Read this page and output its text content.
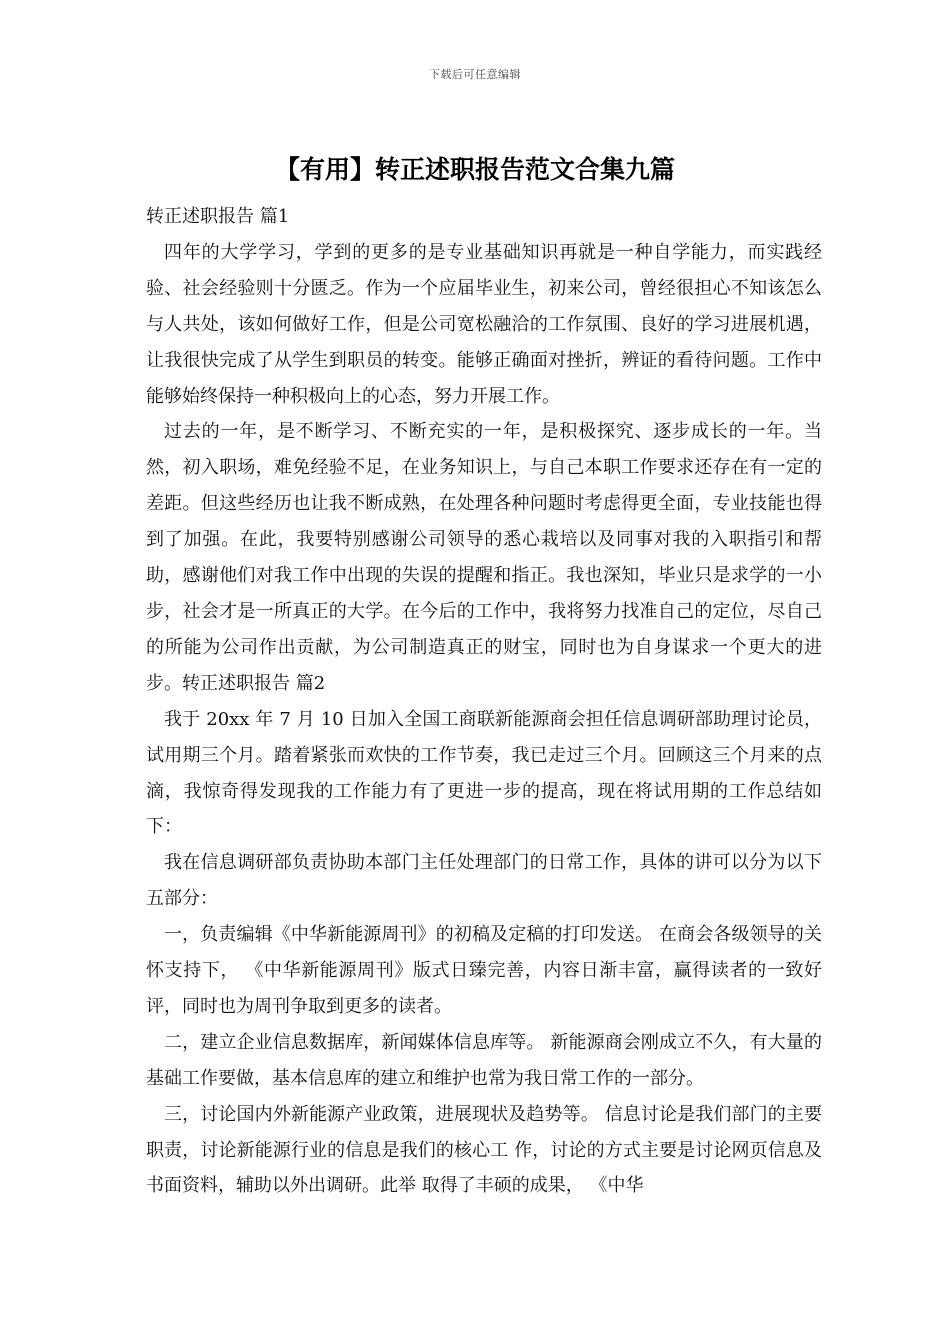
下载后可任意编辑
【有用】转正述职报告范文合集九篇

转正述职报告 篇1

四年的大学学习，学到的更多的是专业基础知识再就是一种自学能力，而实践经验、社会经验则十分匮乏。作为一个应届毕业生，初来公司，曾经很担心不知该怎么与人共处，该如何做好工作，但是公司宽松融洽的工作氛围、良好的学习进展机遇，让我很快完成了从学生到职员的转变。能够正确面对挫折，辨证的看待问题。工作中能够始终保持一种积极向上的心态，努力开展工作。

过去的一年，是不断学习、不断充实的一年，是积极探究、逐步成长的一年。当然，初入职场，难免经验不足，在业务知识上，与自己本职工作要求还存在有一定的差距。但这些经历也让我不断成熟，在处理各种问题时考虑得更全面，专业技能也得到了加强。在此，我要特别感谢公司领导的悉心栽培以及同事对我的入职指引和帮助，感谢他们对我工作中出现的失误的提醒和指正。我也深知，毕业只是求学的一小步，社会才是一所真正的大学。在今后的工作中，我将努力找准自己的定位，尽自己的所能为公司作出贡献，为公司制造真正的财宝，同时也为自身谋求一个更大的进步。转正述职报告 篇2

我于 20xx 年 7 月 10 日加入全国工商联新能源商会担任信息调研部助理讨论员，试用期三个月。踏着紧张而欢快的工作节奏，我已走过三个月。回顾这三个月来的点滴，我惊奇得发现我的工作能力有了更进一步的提高，现在将试用期的工作总结如下：

我在信息调研部负责协助本部门主任处理部门的日常工作，具体的讲可以分为以下五部分：

一，负责编辑《中华新能源周刊》的初稿及定稿的打印发送。 在商会各级领导的关怀支持下， 《中华新能源周刊》版式日臻完善，内容日渐丰富，赢得读者的一致好评，同时也为周刊争取到更多的读者。

二，建立企业信息数据库，新闻媒体信息库等。 新能源商会刚成立不久，有大量的基础工作要做，基本信息库的建立和维护也常为我日常工作的一部分。

三，讨论国内外新能源产业政策，进展现状及趋势等。 信息讨论是我们部门的主要职责，讨论新能源行业的信息是我们的核心工 作，讨论的方式主要是讨论网页信息及书面资料，辅助以外出调研。此举 取得了丰硕的成果， 《中华
